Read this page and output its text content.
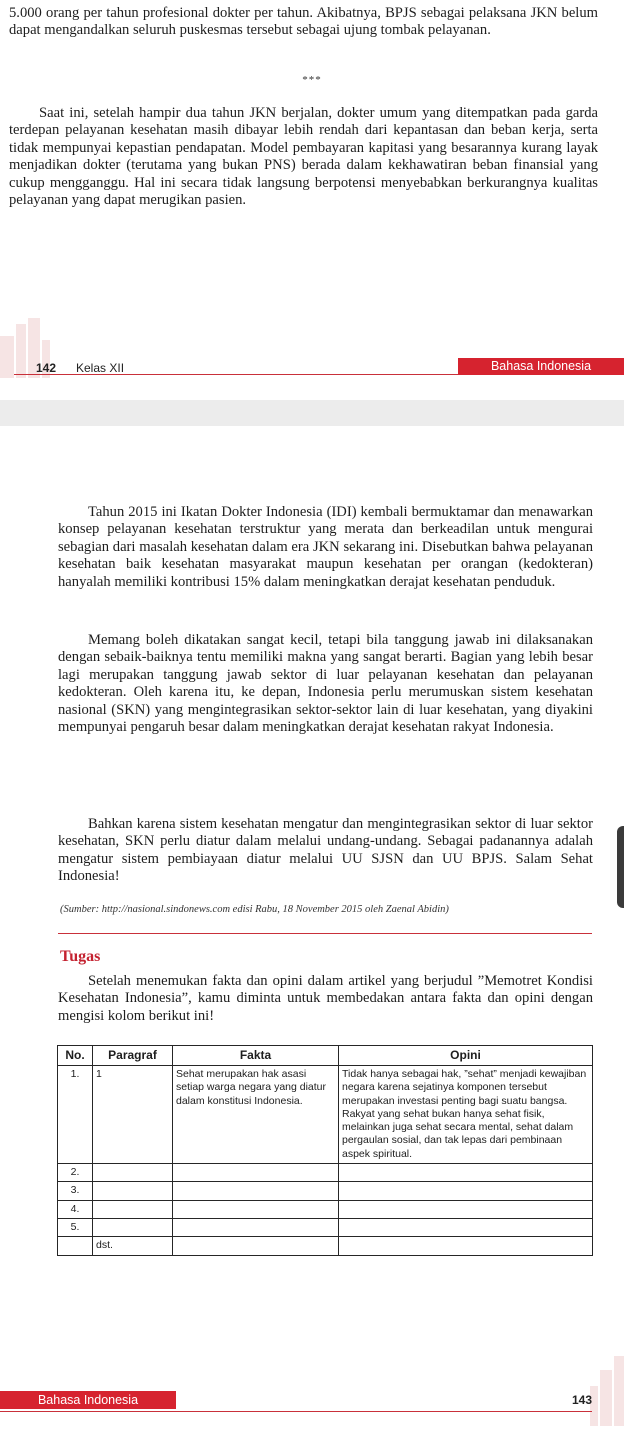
5.000 orang per tahun profesional dokter per tahun. Akibatnya, BPJS sebagai pelaksana JKN belum dapat mengandalkan seluruh puskesmas tersebut sebagai ujung tombak pelayanan.

***

Saat ini, setelah hampir dua tahun JKN berjalan, dokter umum yang ditempatkan pada garda terdepan pelayanan kesehatan masih dibayar lebih rendah dari kepantasan dan beban kerja, serta tidak mempunyai kepastian pendapatan. Model pembayaran kapitasi yang besarannya kurang layak menjadikan dokter (terutama yang bukan PNS) berada dalam kekhawatiran beban finansial yang cukup mengganggu. Hal ini secara tidak langsung berpotensi menyebabkan berkurangnya kualitas pelayanan yang dapat merugikan pasien.

142 Kelas XII	Bahasa Indonesia

Tahun 2015 ini Ikatan Dokter Indonesia (IDI) kembali bermuktamar dan menawarkan konsep pelayanan kesehatan terstruktur yang merata dan berkeadilan untuk mengurai sebagian dari masalah kesehatan dalam era JKN sekarang ini. Disebutkan bahwa pelayanan kesehatan baik kesehatan masyarakat maupun kesehatan per orangan (kedokteran) hanyalah memiliki kontribusi 15% dalam meningkatkan derajat kesehatan penduduk.

Memang boleh dikatakan sangat kecil, tetapi bila tanggung jawab ini dilaksanakan dengan sebaik-baiknya tentu memiliki makna yang sangat berarti. Bagian yang lebih besar lagi merupakan tanggung jawab sektor di luar pelayanan kesehatan dan pelayanan kedokteran. Oleh karena itu, ke depan, Indonesia perlu merumuskan sistem kesehatan nasional (SKN) yang mengintegrasikan sektor-sektor lain di luar kesehatan, yang diyakini mempunyai pengaruh besar dalam meningkatkan derajat kesehatan rakyat Indonesia.

Bahkan karena sistem kesehatan mengatur dan mengintegrasikan sektor di luar sektor kesehatan, SKN perlu diatur dalam melalui undang-undang. Sebagai padanannya adalah mengatur sistem pembiayaan diatur melalui UU SJSN dan UU BPJS. Salam Sehat Indonesia!

(Sumber: http://nasional.sindonews.com edisi Rabu, 18 November 2015 oleh Zaenal Abidin)

Tugas

Setelah menemukan fakta dan opini dalam artikel yang berjudul ”Memotret Kondisi Kesehatan Indonesia”, kamu diminta untuk membedakan antara fakta dan opini dengan mengisi kolom berikut ini!

No.	Paragraf	Fakta	Opini
1.	1	Sehat merupakan hak asasi setiap warga negara yang diatur dalam konstitusi Indonesia.	Tidak hanya sebagai hak, ”sehat” menjadi kewajiban negara karena sejatinya komponen tersebut merupakan investasi penting bagi suatu bangsa. Rakyat yang sehat bukan hanya sehat fisik, melainkan juga sehat secara mental, sehat dalam pergaulan sosial, dan tak lepas dari pembinaan aspek spiritual.
2.			
3.			
4.			
5.			
	dst.		
Bahasa Indonesia	143
